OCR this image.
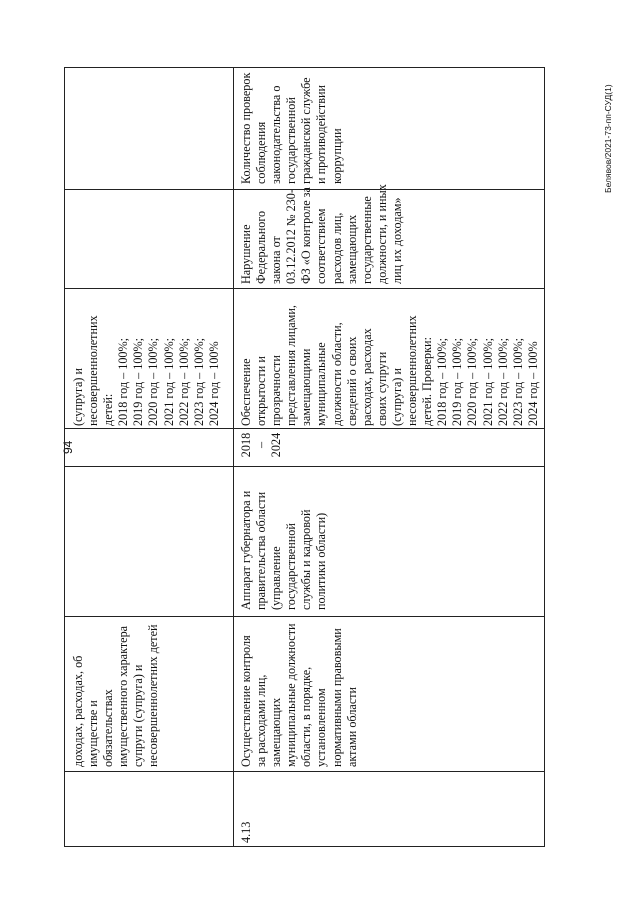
94
доходах, расходах, об имуществе и обязательствах имущественного характера супруги (супруга) и несовершеннолетних детей
(супруга) и несовершеннолетних детей: 2018 год – 100%; 2019 год – 100%; 2020 год – 100%; 2021 год – 100%; 2022 год – 100%; 2023 год – 100%; 2024 год – 100%
4.13
Осуществление контроля за расходами лиц, замещающих муниципальные должности области, в порядке, установленном нормативными правовыми актами области
Аппарат губернатора и правительства области (управление государственной службы и кадровой политики области)
2018 – 2024
Обеспечение открытости и прозрачности представления лицами, замещающими муниципальные должности области, сведений о своих расходах, расходах своих супруги (супруга) и несовершеннолетних детей. Проверки: 2018 год – 100%; 2019 год – 100%; 2020 год – 100%; 2021 год – 100%; 2022 год – 100%; 2023 год – 100%; 2024 год – 100%
Нарушение Федерального закона от 03.12.2012 № 230- ФЗ «О контроле за соответствием расходов лиц, замещающих государственные должности, и иных лиц их доходам»
Количество проверок соблюдения законодательства о государственной гражданской службе и противодействии коррупции	Белявов/2021-73-пп-СУД(1)
